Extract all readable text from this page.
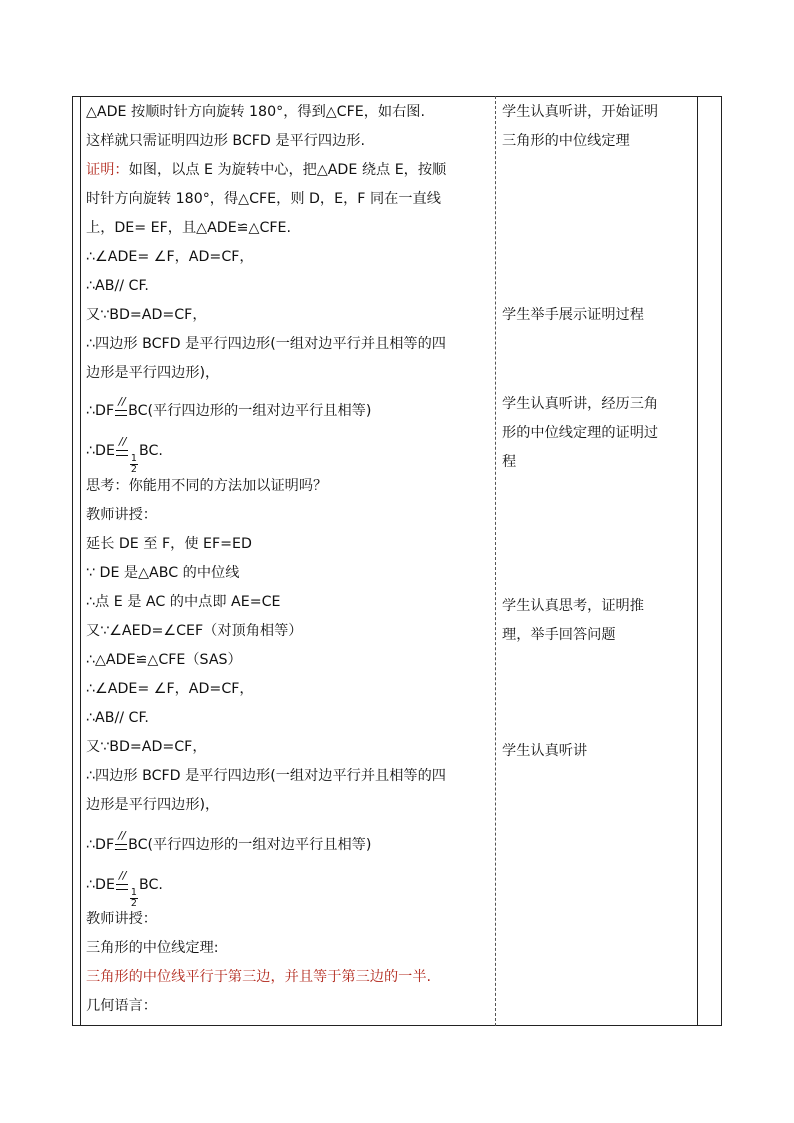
△ADE 按顺时针方向旋转 180°，得到△CFE，如右图.
这样就只需证明四边形 BCFD 是平行四边形.
证明：如图，以点 E 为旋转中心，把△ADE 绕点 E，按顺
时针方向旋转 180°，得△CFE，则 D，E，F 同在一直线
上，DE= EF，且△ADE≌△CFE.
∴∠ADE= ∠F，AD=CF，
∴AB// CF.
又∵BD=AD=CF，
∴四边形 BCFD 是平行四边形(一组对边平行并且相等的四
边形是平行四边形)，
∴DF
//
BC(平行四边形的一组对边平行且相等)
∴DE
//
$\frac{1}{2}$
BC.
思考：你能用不同的方法加以证明吗？
教师讲授：
延长 DE 至 F，使 EF=ED
∵ DE 是△ABC 的中位线
∴点 E 是 AC 的中点即 AE=CE
又∵∠AED=∠CEF（对顶角相等）
∴△ADE≌△CFE（SAS）
∴∠ADE= ∠F，AD=CF，
∴AB// CF.
又∵BD=AD=CF，
∴四边形 BCFD 是平行四边形(一组对边平行并且相等的四
边形是平行四边形)，
∴DF
//
BC(平行四边形的一组对边平行且相等)
∴DE
//
$\frac{1}{2}$
BC.
教师讲授：
三角形的中位线定理:
三角形的中位线平行于第三边，并且等于第三边的一半.
几何语言：
学生认真听讲，开始证明
三角形的中位线定理
学生举手展示证明过程
学生认真听讲，经历三角
形的中位线定理的证明过
程
学生认真思考，证明推
理，举手回答问题
学生认真听讲
